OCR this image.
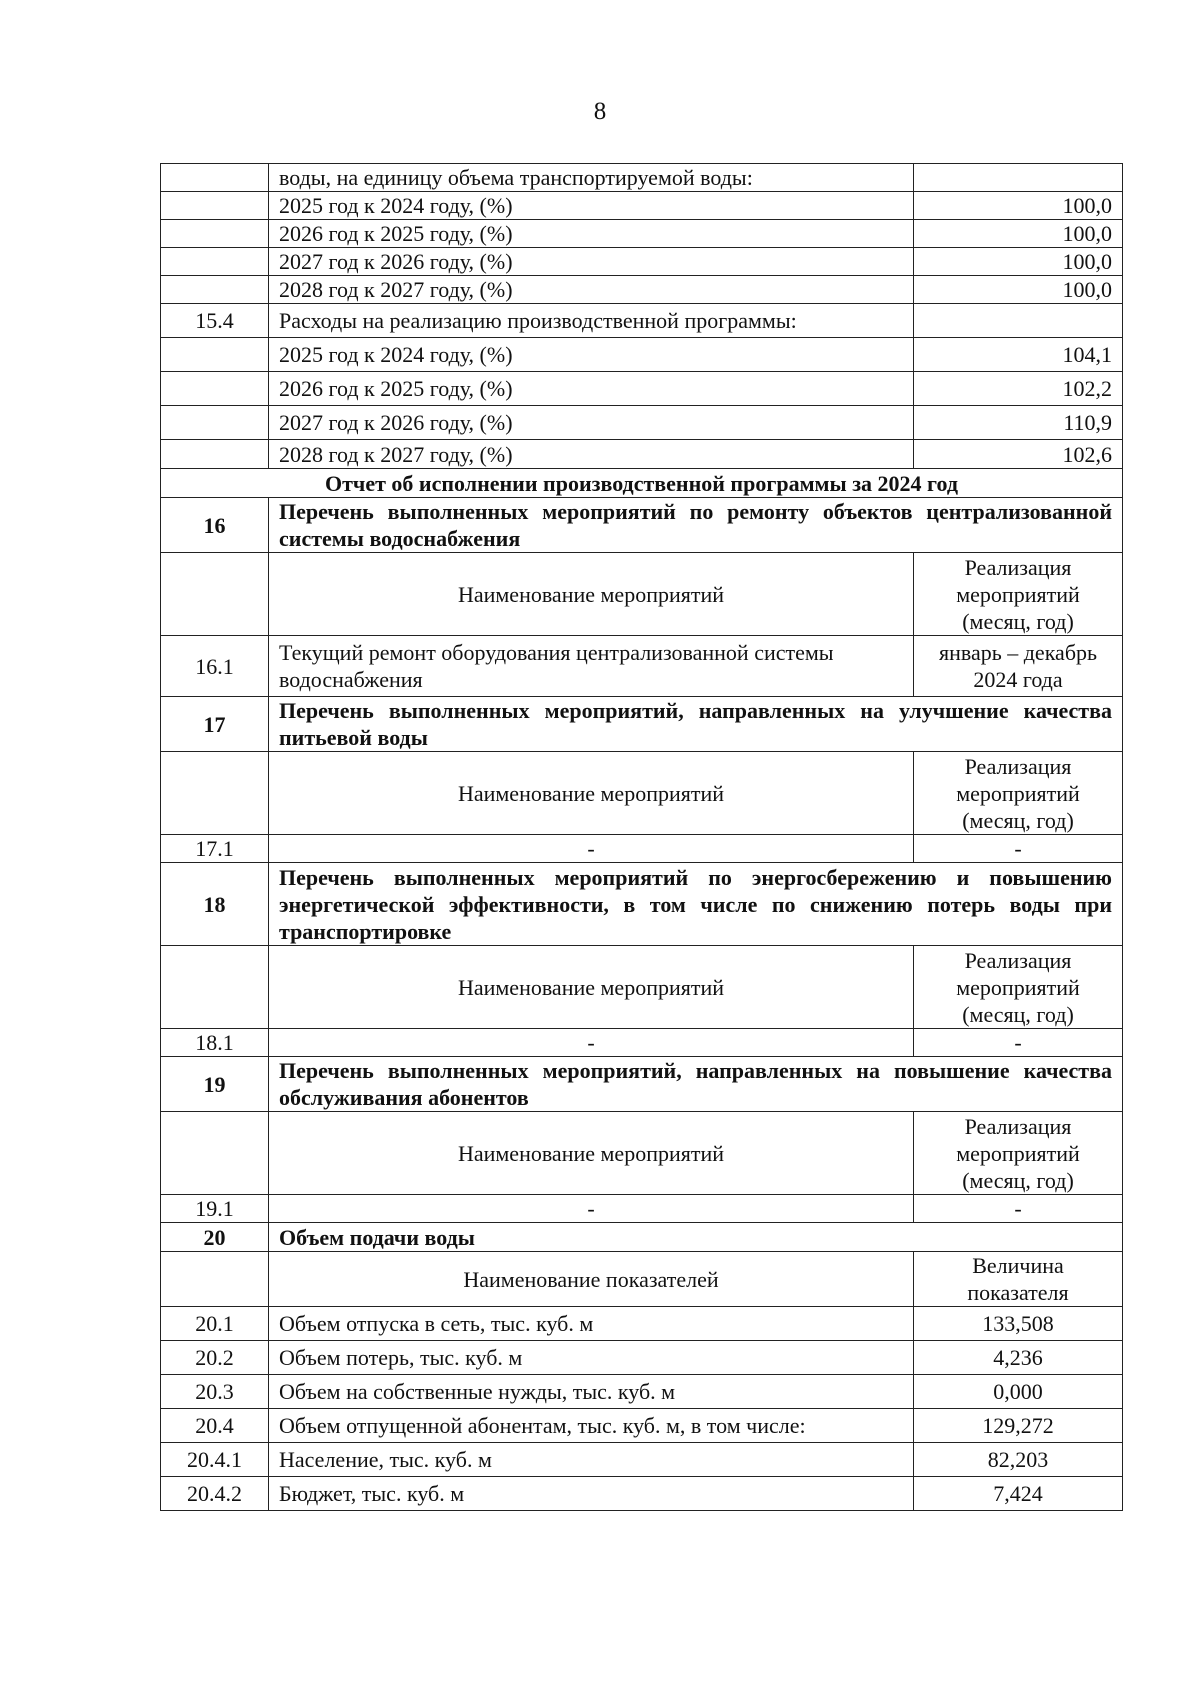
8
	воды, на единицу объема транспортируемой воды:	
	2025 год к 2024 году, (%)	100,0
	2026 год к 2025 году, (%)	100,0
	2027 год к 2026 году, (%)	100,0
	2028 год к 2027 году, (%)	100,0
15.4	Расходы на реализацию производственной программы:	
	2025 год к 2024 году, (%)	104,1
	2026 год к 2025 году, (%)	102,2
	2027 год к 2026 году, (%)	110,9
	2028 год к 2027 году, (%)	102,6
Отчет об исполнении производственной программы за 2024 год		
16	Перечень выполненных мероприятий по ремонту объектов централизованной системы водоснабжения	
	Наименование мероприятий	Реализация мероприятий (месяц, год)
16.1	Текущий ремонт оборудования централизованной системы водоснабжения	январь – декабрь 2024 года
17	Перечень выполненных мероприятий, направленных на улучшение качества питьевой воды	
	Наименование мероприятий	Реализация мероприятий (месяц, год)
17.1	-	-
18	Перечень выполненных мероприятий по энергосбережению и повышению энергетической эффективности, в том числе по снижению потерь воды при транспортировке	
	Наименование мероприятий	Реализация мероприятий (месяц, год)
18.1	-	-
19	Перечень выполненных мероприятий, направленных на повышение качества обслуживания абонентов	
	Наименование мероприятий	Реализация мероприятий (месяц, год)
19.1	-	-
20	Объем подачи воды	
	Наименование показателей	Величина показателя
20.1	Объем отпуска в сеть, тыс. куб. м	133,508
20.2	Объем потерь, тыс. куб. м	4,236
20.3	Объем на собственные нужды, тыс. куб. м	0,000
20.4	Объем отпущенной абонентам, тыс. куб. м, в том числе:	129,272
20.4.1	Население, тыс. куб. м	82,203
20.4.2	Бюджет, тыс. куб. м	7,424
